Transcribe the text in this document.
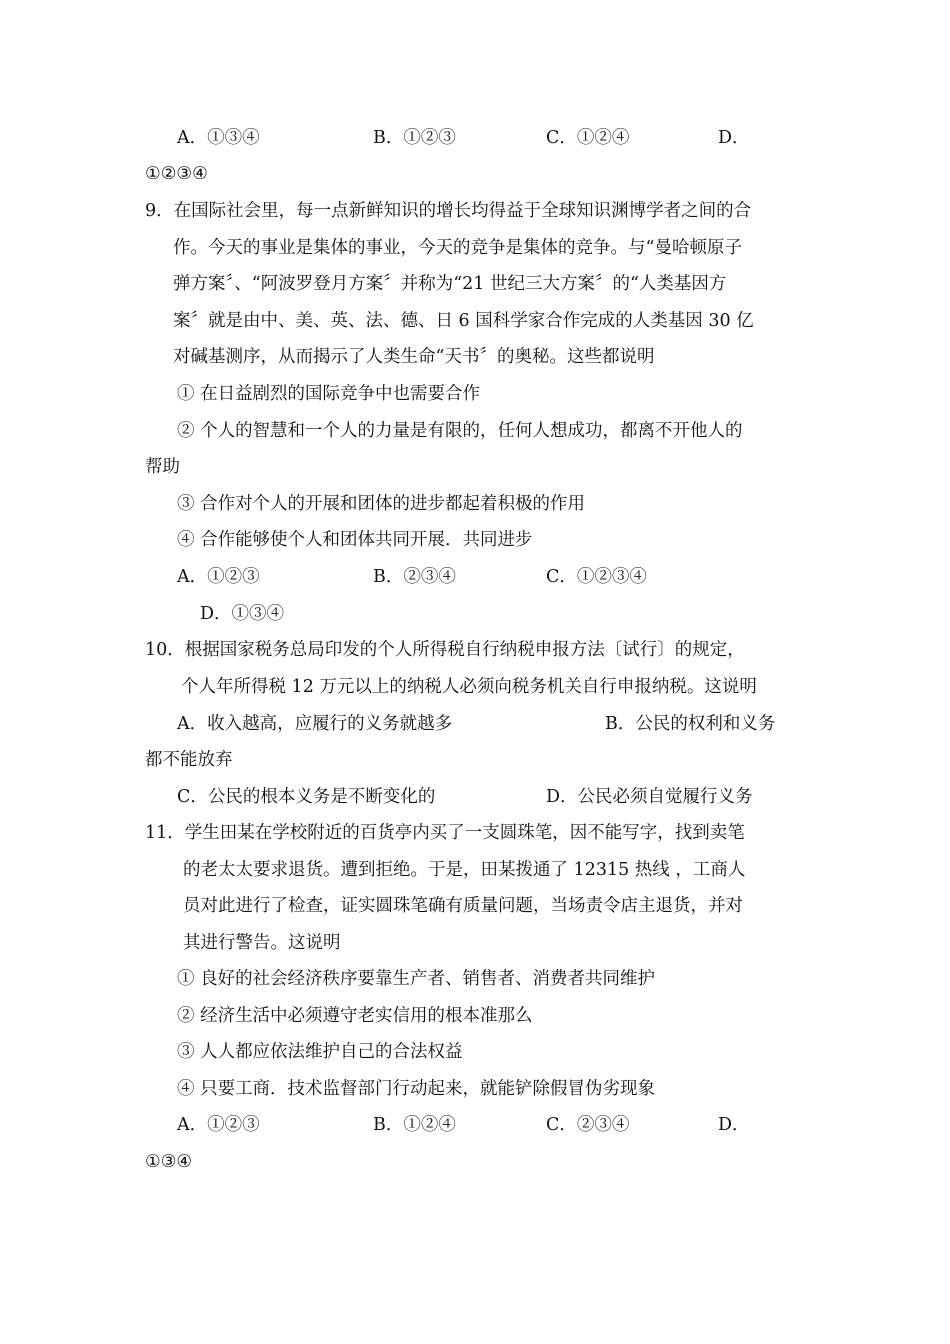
A．①③④	B．①②③	C．①②④	D．
①②③④
9．在国际社会里，每一点新鲜知识的增长均得益于全球知识渊博学者之间的合
作。今天的事业是集体的事业，今天的竞争是集体的竞争。与“曼哈顿原子
弹方案〞、“阿波罗登月方案〞并称为“21 世纪三大方案〞的“人类基因方
案〞就是由中、美、英、法、德、日 6 国科学家合作完成的人类基因 30 亿
对碱基测序，从而揭示了人类生命“天书〞的奥秘。这些都说明
① 在日益剧烈的国际竞争中也需要合作
② 个人的智慧和一个人的力量是有限的，任何人想成功，都离不开他人的
帮助
③ 合作对个人的开展和团体的进步都起着积极的作用
④ 合作能够使个人和团体共同开展．共同进步
A．①②③	B．②③④	C．①②③④
D．①③④
10．根据国家税务总局印发的个人所得税自行纳税申报方法〔试行〕的规定，
个人年所得税 12 万元以上的纳税人必须向税务机关自行申报纳税。这说明
A．收入越高，应履行的义务就越多	B．公民的权利和义务
都不能放弃
C．公民的根本义务是不断变化的	D．公民必须自觉履行义务
11．学生田某在学校附近的百货亭内买了一支圆珠笔，因不能写字，找到卖笔
的老太太要求退货。遭到拒绝。于是，田某拨通了 12315 热线 ，工商人
员对此进行了检查，证实圆珠笔确有质量问题，当场责令店主退货，并对
其进行警告。这说明
① 良好的社会经济秩序要靠生产者、销售者、消费者共同维护
② 经济生活中必须遵守老实信用的根本准那么
③ 人人都应依法维护自己的合法权益
④ 只要工商．技术监督部门行动起来，就能铲除假冒伪劣现象
A．①②③	B．①②④	C．②③④	D．
①③④
